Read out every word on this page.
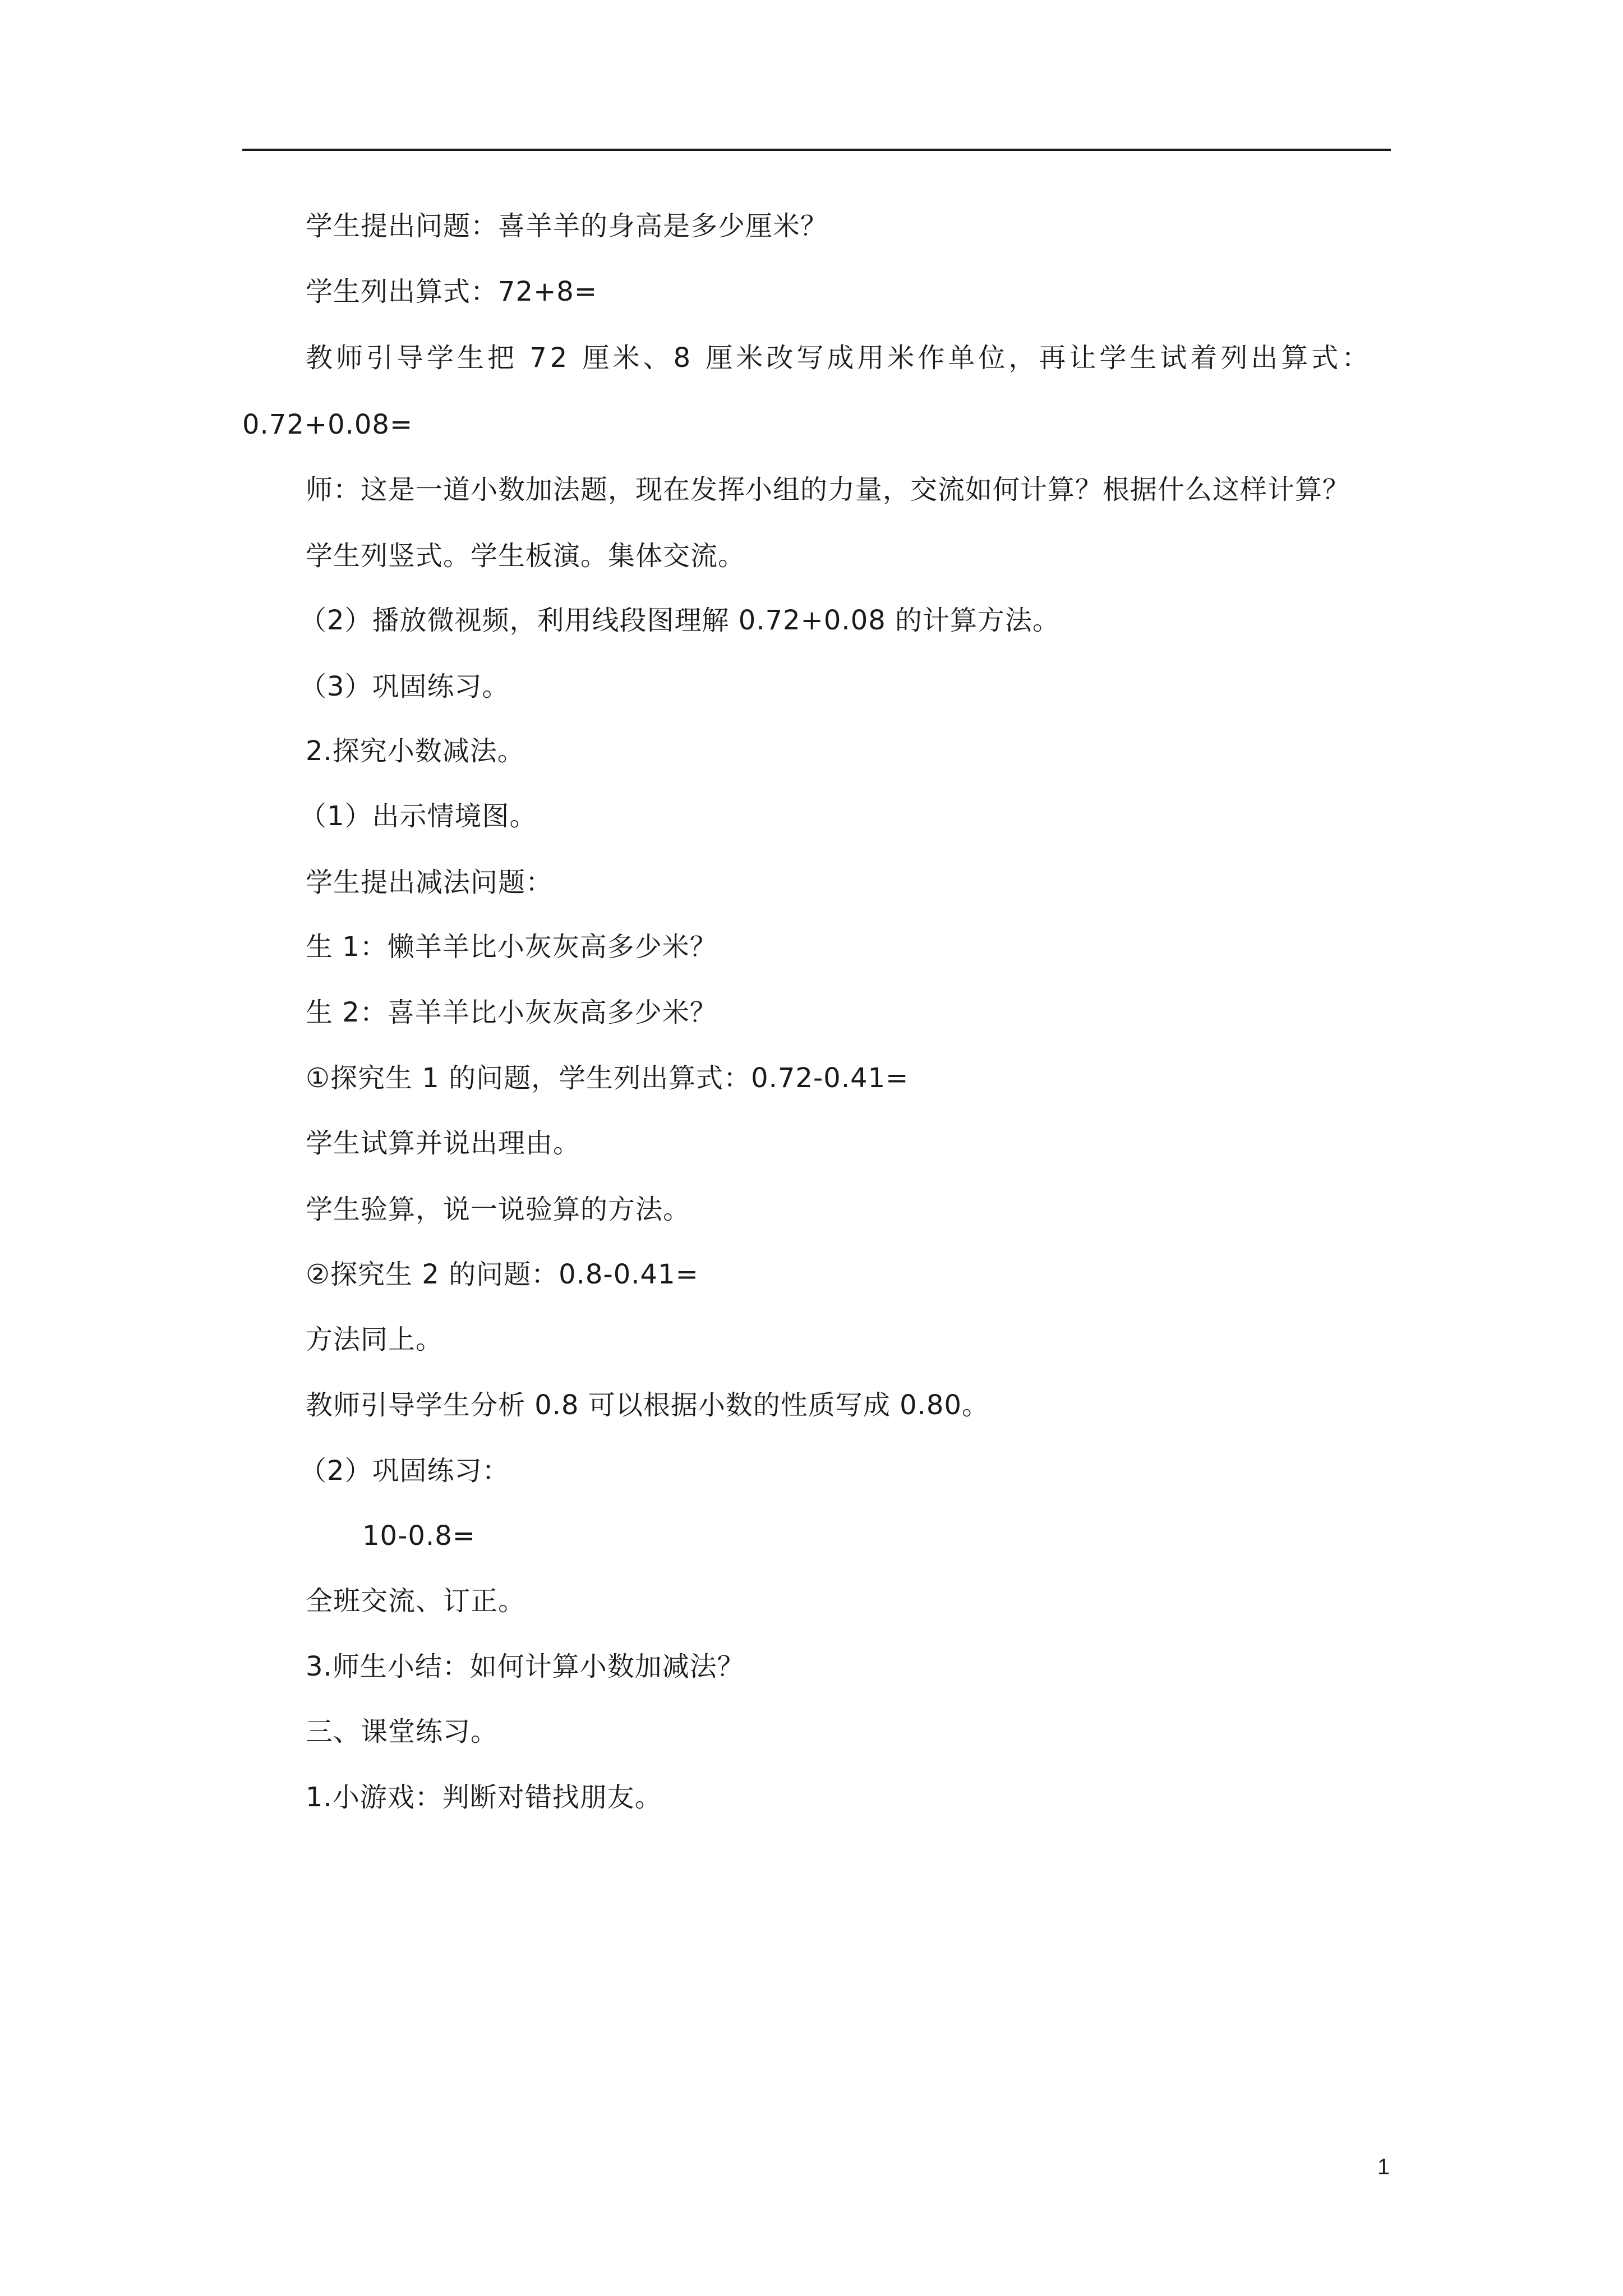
学生提出问题：喜羊羊的身高是多少厘米？
学生列出算式：72+8=
教师引导学生把 72 厘米、8 厘米改写成用米作单位，再让学生试着列出算式：
0.72+0.08=
师：这是一道小数加法题，现在发挥小组的力量，交流如何计算？根据什么这样计算？
学生列竖式。学生板演。集体交流。
（2）播放微视频，利用线段图理解 0.72+0.08 的计算方法。
（3）巩固练习。
2.探究小数减法。
（1）出示情境图。
学生提出减法问题：
生 1：懒羊羊比小灰灰高多少米？
生 2：喜羊羊比小灰灰高多少米？
①探究生 1 的问题，学生列出算式：0.72-0.41=
学生试算并说出理由。
学生验算，说一说验算的方法。
②探究生 2 的问题：0.8-0.41=
方法同上。
教师引导学生分析 0.8 可以根据小数的性质写成 0.80。
（2）巩固练习：
10-0.8=
全班交流、订正。
3.师生小结：如何计算小数加减法？
三、课堂练习。
1.小游戏：判断对错找朋友。
1
